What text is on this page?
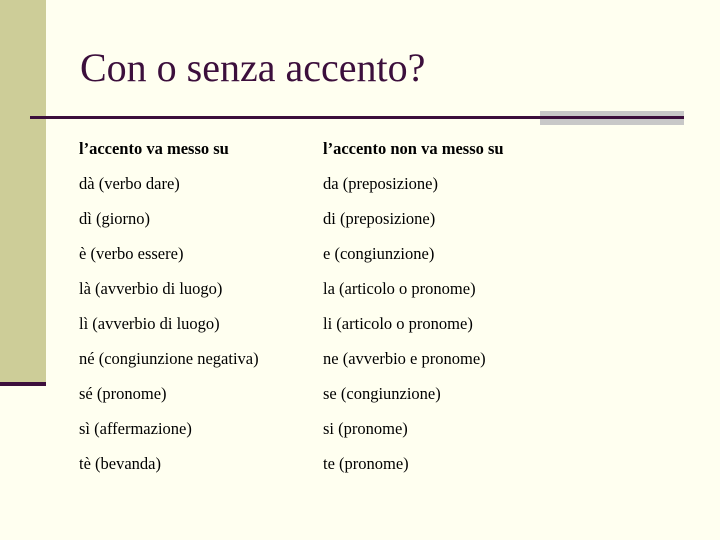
Con o senza accento?
l’accento va messo su	l’accento non va messo su
dà (verbo dare)	da (preposizione)
dì (giorno)	di (preposizione)
è (verbo essere)	e (congiunzione)
là (avverbio di luogo)	la (articolo o pronome)
lì (avverbio di luogo)	li (articolo o pronome)
né (congiunzione negativa)	ne (avverbio e pronome)
sé (pronome)	se (congiunzione)
sì (affermazione)	si (pronome)
tè (bevanda)	te (pronome)
